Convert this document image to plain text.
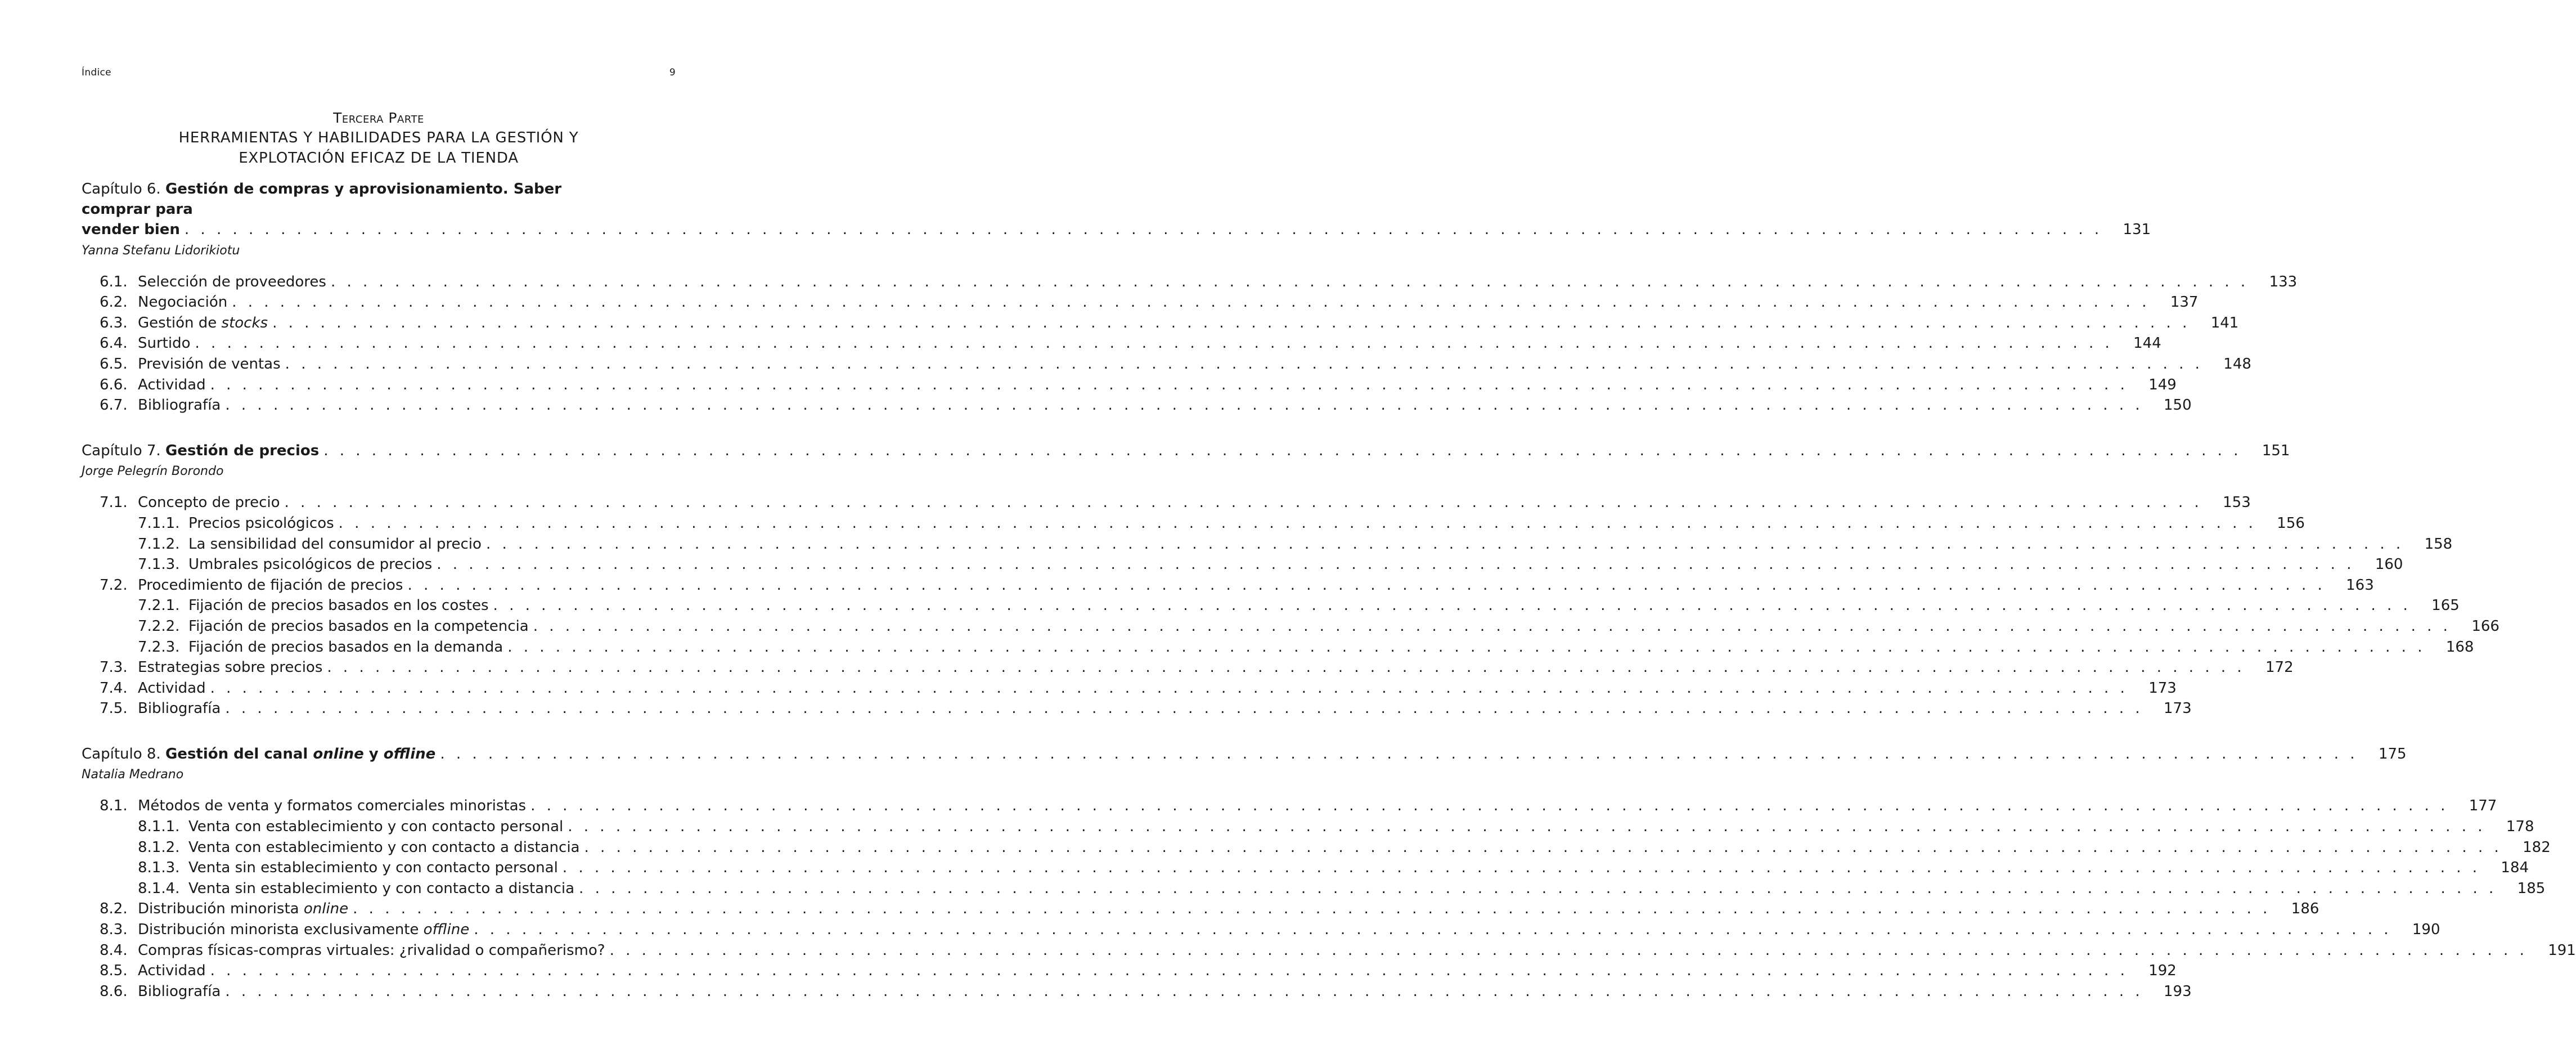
Índice	9
Tercera Parte
HERRAMIENTAS Y HABILIDADES PARA LA GESTIÓN Y
EXPLOTACIÓN EFICAZ DE LA TIENDA
Capítulo 6. Gestión de compras y aprovisionamiento. Saber comprar para
vender bien . . . . . . . . . . . . . . . . . . . . . . . . . . . . . . . . . . . . . . . . . . . . . . . . . . . . . . . . . . . . . . . . . . . . . . . . . . . . . . . . . . . . . . . . . . . . . . . . . . . . . . . . . . . . . . . . . . . . . . . .	131
Yanna Stefanu Lidorikiotu
6.1. Selección de proveedores . . . . . . . . . . . . . . . . . . . . . . . . . . . . . . . . . . . . . . . . . . . . . . . . . . . . . . . . . . . . . . . . . . . . . . . . . . . . . . . . . . . . . . . . . . . . . . . . . . . . . . . . . . . . . . . . . . . . . . . .	133
6.2. Negociación . . . . . . . . . . . . . . . . . . . . . . . . . . . . . . . . . . . . . . . . . . . . . . . . . . . . . . . . . . . . . . . . . . . . . . . . . . . . . . . . . . . . . . . . . . . . . . . . . . . . . . . . . . . . . . . . . . . . . . . .	137
6.3. Gestión de stocks . . . . . . . . . . . . . . . . . . . . . . . . . . . . . . . . . . . . . . . . . . . . . . . . . . . . . . . . . . . . . . . . . . . . . . . . . . . . . . . . . . . . . . . . . . . . . . . . . . . . . . . . . . . . . . . . . . . . . . . .	141
6.4. Surtido . . . . . . . . . . . . . . . . . . . . . . . . . . . . . . . . . . . . . . . . . . . . . . . . . . . . . . . . . . . . . . . . . . . . . . . . . . . . . . . . . . . . . . . . . . . . . . . . . . . . . . . . . . . . . . . . . . . . . . . .	144
6.5. Previsión de ventas . . . . . . . . . . . . . . . . . . . . . . . . . . . . . . . . . . . . . . . . . . . . . . . . . . . . . . . . . . . . . . . . . . . . . . . . . . . . . . . . . . . . . . . . . . . . . . . . . . . . . . . . . . . . . . . . . . . . . . . .	148
6.6. Actividad . . . . . . . . . . . . . . . . . . . . . . . . . . . . . . . . . . . . . . . . . . . . . . . . . . . . . . . . . . . . . . . . . . . . . . . . . . . . . . . . . . . . . . . . . . . . . . . . . . . . . . . . . . . . . . . . . . . . . . . .	149
6.7. Bibliografía . . . . . . . . . . . . . . . . . . . . . . . . . . . . . . . . . . . . . . . . . . . . . . . . . . . . . . . . . . . . . . . . . . . . . . . . . . . . . . . . . . . . . . . . . . . . . . . . . . . . . . . . . . . . . . . . . . . . . . . .	150
Capítulo 7. Gestión de precios . . . . . . . . . . . . . . . . . . . . . . . . . . . . . . . . . . . . . . . . . . . . . . . . . . . . . . . . . . . . . . . . . . . . . . . . . . . . . . . . . . . . . . . . . . . . . . . . . . . . . . . . . . . . . . . . . . . . . . . .	151
Jorge Pelegrín Borondo
7.1. Concepto de precio . . . . . . . . . . . . . . . . . . . . . . . . . . . . . . . . . . . . . . . . . . . . . . . . . . . . . . . . . . . . . . . . . . . . . . . . . . . . . . . . . . . . . . . . . . . . . . . . . . . . . . . . . . . . . . . . . . . . . . . .	153
7.1.1. Precios psicológicos . . . . . . . . . . . . . . . . . . . . . . . . . . . . . . . . . . . . . . . . . . . . . . . . . . . . . . . . . . . . . . . . . . . . . . . . . . . . . . . . . . . . . . . . . . . . . . . . . . . . . . . . . . . . . . . . . . . . . . . .	156
7.1.2. La sensibilidad del consumidor al precio . . . . . . . . . . . . . . . . . . . . . . . . . . . . . . . . . . . . . . . . . . . . . . . . . . . . . . . . . . . . . . . . . . . . . . . . . . . . . . . . . . . . . . . . . . . . . . . . . . . . . . . . . . . . . . . . . . . . . . . .	158
7.1.3. Umbrales psicológicos de precios . . . . . . . . . . . . . . . . . . . . . . . . . . . . . . . . . . . . . . . . . . . . . . . . . . . . . . . . . . . . . . . . . . . . . . . . . . . . . . . . . . . . . . . . . . . . . . . . . . . . . . . . . . . . . . . . . . . . . . . .	160
7.2. Procedimiento de fijación de precios . . . . . . . . . . . . . . . . . . . . . . . . . . . . . . . . . . . . . . . . . . . . . . . . . . . . . . . . . . . . . . . . . . . . . . . . . . . . . . . . . . . . . . . . . . . . . . . . . . . . . . . . . . . . . . . . . . . . . . . .	163
7.2.1. Fijación de precios basados en los costes . . . . . . . . . . . . . . . . . . . . . . . . . . . . . . . . . . . . . . . . . . . . . . . . . . . . . . . . . . . . . . . . . . . . . . . . . . . . . . . . . . . . . . . . . . . . . . . . . . . . . . . . . . . . . . . . . . . . . . . .	165
7.2.2. Fijación de precios basados en la competencia . . . . . . . . . . . . . . . . . . . . . . . . . . . . . . . . . . . . . . . . . . . . . . . . . . . . . . . . . . . . . . . . . . . . . . . . . . . . . . . . . . . . . . . . . . . . . . . . . . . . . . . . . . . . . . . . . . . . . . . .	166
7.2.3. Fijación de precios basados en la demanda . . . . . . . . . . . . . . . . . . . . . . . . . . . . . . . . . . . . . . . . . . . . . . . . . . . . . . . . . . . . . . . . . . . . . . . . . . . . . . . . . . . . . . . . . . . . . . . . . . . . . . . . . . . . . . . . . . . . . . . .	168
7.3. Estrategias sobre precios . . . . . . . . . . . . . . . . . . . . . . . . . . . . . . . . . . . . . . . . . . . . . . . . . . . . . . . . . . . . . . . . . . . . . . . . . . . . . . . . . . . . . . . . . . . . . . . . . . . . . . . . . . . . . . . . . . . . . . . .	172
7.4. Actividad . . . . . . . . . . . . . . . . . . . . . . . . . . . . . . . . . . . . . . . . . . . . . . . . . . . . . . . . . . . . . . . . . . . . . . . . . . . . . . . . . . . . . . . . . . . . . . . . . . . . . . . . . . . . . . . . . . . . . . . .	173
7.5. Bibliografía . . . . . . . . . . . . . . . . . . . . . . . . . . . . . . . . . . . . . . . . . . . . . . . . . . . . . . . . . . . . . . . . . . . . . . . . . . . . . . . . . . . . . . . . . . . . . . . . . . . . . . . . . . . . . . . . . . . . . . . .	173
Capítulo 8. Gestión del canal online y offline . . . . . . . . . . . . . . . . . . . . . . . . . . . . . . . . . . . . . . . . . . . . . . . . . . . . . . . . . . . . . . . . . . . . . . . . . . . . . . . . . . . . . . . . . . . . . . . . . . . . . . . . . . . . . . . . . . . . . . . .	175
Natalia Medrano
8.1. Métodos de venta y formatos comerciales minoristas . . . . . . . . . . . . . . . . . . . . . . . . . . . . . . . . . . . . . . . . . . . . . . . . . . . . . . . . . . . . . . . . . . . . . . . . . . . . . . . . . . . . . . . . . . . . . . . . . . . . . . . . . . . . . . . . . . . . . . . .	177
8.1.1. Venta con establecimiento y con contacto personal . . . . . . . . . . . . . . . . . . . . . . . . . . . . . . . . . . . . . . . . . . . . . . . . . . . . . . . . . . . . . . . . . . . . . . . . . . . . . . . . . . . . . . . . . . . . . . . . . . . . . . . . . . . . . . . . . . . . . . . .	178
8.1.2. Venta con establecimiento y con contacto a distancia . . . . . . . . . . . . . . . . . . . . . . . . . . . . . . . . . . . . . . . . . . . . . . . . . . . . . . . . . . . . . . . . . . . . . . . . . . . . . . . . . . . . . . . . . . . . . . . . . . . . . . . . . . . . . . . . . . . . . . . .	182
8.1.3. Venta sin establecimiento y con contacto personal . . . . . . . . . . . . . . . . . . . . . . . . . . . . . . . . . . . . . . . . . . . . . . . . . . . . . . . . . . . . . . . . . . . . . . . . . . . . . . . . . . . . . . . . . . . . . . . . . . . . . . . . . . . . . . . . . . . . . . . .	184
8.1.4. Venta sin establecimiento y con contacto a distancia . . . . . . . . . . . . . . . . . . . . . . . . . . . . . . . . . . . . . . . . . . . . . . . . . . . . . . . . . . . . . . . . . . . . . . . . . . . . . . . . . . . . . . . . . . . . . . . . . . . . . . . . . . . . . . . . . . . . . . . .	185
8.2. Distribución minorista online . . . . . . . . . . . . . . . . . . . . . . . . . . . . . . . . . . . . . . . . . . . . . . . . . . . . . . . . . . . . . . . . . . . . . . . . . . . . . . . . . . . . . . . . . . . . . . . . . . . . . . . . . . . . . . . . . . . . . . . .	186
8.3. Distribución minorista exclusivamente offline . . . . . . . . . . . . . . . . . . . . . . . . . . . . . . . . . . . . . . . . . . . . . . . . . . . . . . . . . . . . . . . . . . . . . . . . . . . . . . . . . . . . . . . . . . . . . . . . . . . . . . . . . . . . . . . . . . . . . . . .	190
8.4. Compras físicas-compras virtuales: ¿rivalidad o compañerismo? . . . . . . . . . . . . . . . . . . . . . . . . . . . . . . . . . . . . . . . . . . . . . . . . . . . . . . . . . . . . . . . . . . . . . . . . . . . . . . . . . . . . . . . . . . . . . . . . . . . . . . . . . . . . . . . . . . . . . . . .	191
8.5. Actividad . . . . . . . . . . . . . . . . . . . . . . . . . . . . . . . . . . . . . . . . . . . . . . . . . . . . . . . . . . . . . . . . . . . . . . . . . . . . . . . . . . . . . . . . . . . . . . . . . . . . . . . . . . . . . . . . . . . . . . . .	192
8.6. Bibliografía . . . . . . . . . . . . . . . . . . . . . . . . . . . . . . . . . . . . . . . . . . . . . . . . . . . . . . . . . . . . . . . . . . . . . . . . . . . . . . . . . . . . . . . . . . . . . . . . . . . . . . . . . . . . . . . . . . . . . . . .	193
